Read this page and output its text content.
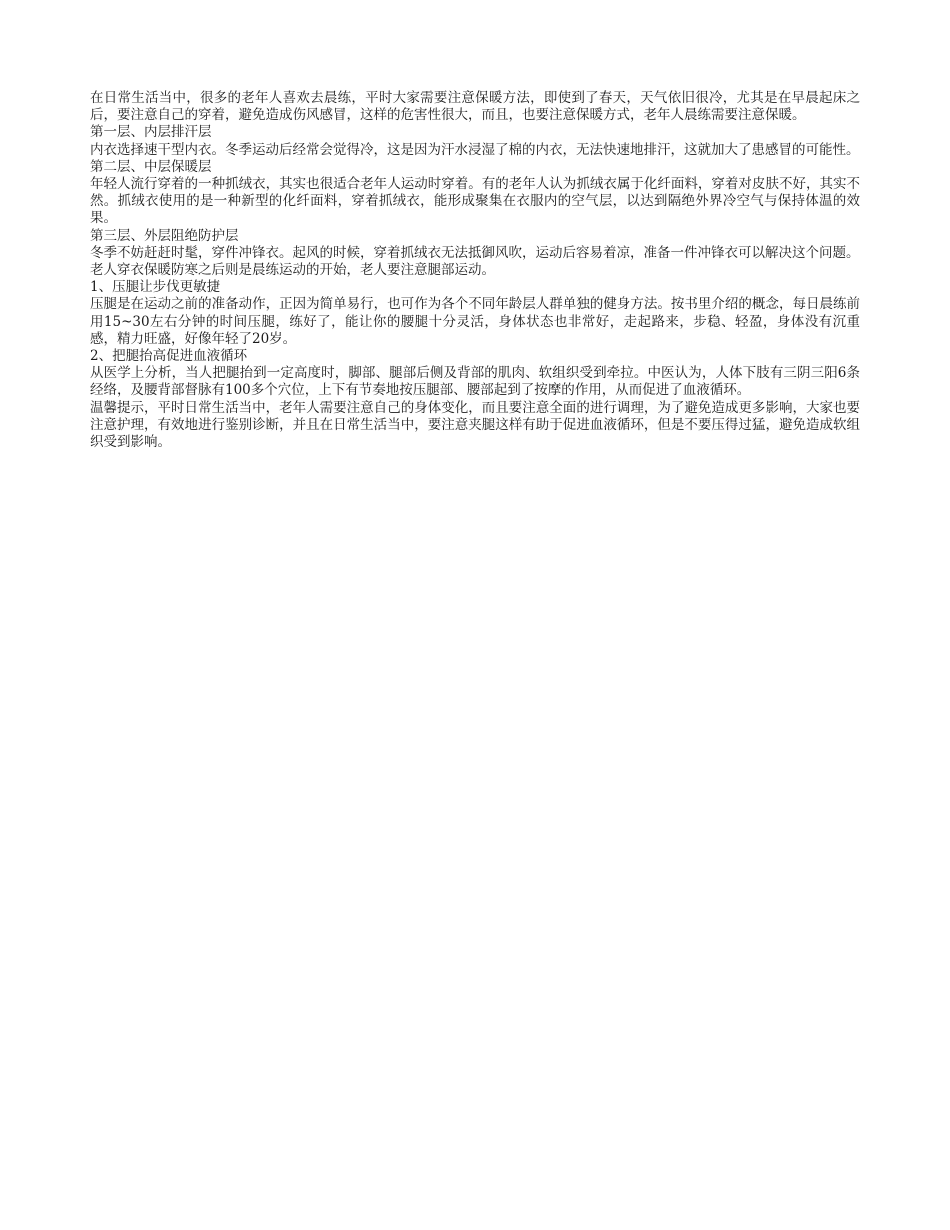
在日常生活当中，很多的老年人喜欢去晨练，平时大家需要注意保暖方法，即使到了春天，天气依旧很冷，尤其是在早晨起床之后，要注意自己的穿着，避免造成伤风感冒，这样的危害性很大，而且，也要注意保暖方式，老年人晨练需要注意保暖。

第一层、内层排汗层

内衣选择速干型内衣。冬季运动后经常会觉得冷，这是因为汗水浸湿了棉的内衣，无法快速地排汗，这就加大了患感冒的可能性。

第二层、中层保暖层

年轻人流行穿着的一种抓绒衣，其实也很适合老年人运动时穿着。有的老年人认为抓绒衣属于化纤面料，穿着对皮肤不好，其实不然。抓绒衣使用的是一种新型的化纤面料，穿着抓绒衣，能形成聚集在衣服内的空气层，以达到隔绝外界冷空气与保持体温的效果。

第三层、外层阻绝防护层

冬季不妨赶赶时髦，穿件冲锋衣。起风的时候，穿着抓绒衣无法抵御风吹，运动后容易着凉，准备一件冲锋衣可以解决这个问题。

老人穿衣保暖防寒之后则是晨练运动的开始，老人要注意腿部运动。

1、压腿让步伐更敏捷

压腿是在运动之前的准备动作，正因为简单易行，也可作为各个不同年龄层人群单独的健身方法。按书里介绍的概念，每日晨练前用15~30左右分钟的时间压腿，练好了，能让你的腰腿十分灵活，身体状态也非常好，走起路来，步稳、轻盈，身体没有沉重感，精力旺盛，好像年轻了20岁。

2、把腿抬高促进血液循环

从医学上分析，当人把腿抬到一定高度时，脚部、腿部后侧及背部的肌肉、软组织受到牵拉。中医认为，人体下肢有三阴三阳6条经络，及腰背部督脉有100多个穴位，上下有节奏地按压腿部、腰部起到了按摩的作用，从而促进了血液循环。

温馨提示，平时日常生活当中，老年人需要注意自己的身体变化，而且要注意全面的进行调理，为了避免造成更多影响，大家也要注意护理，有效地进行鉴别诊断，并且在日常生活当中，要注意夹腿这样有助于促进血液循环，但是不要压得过猛，避免造成软组织受到影响。
